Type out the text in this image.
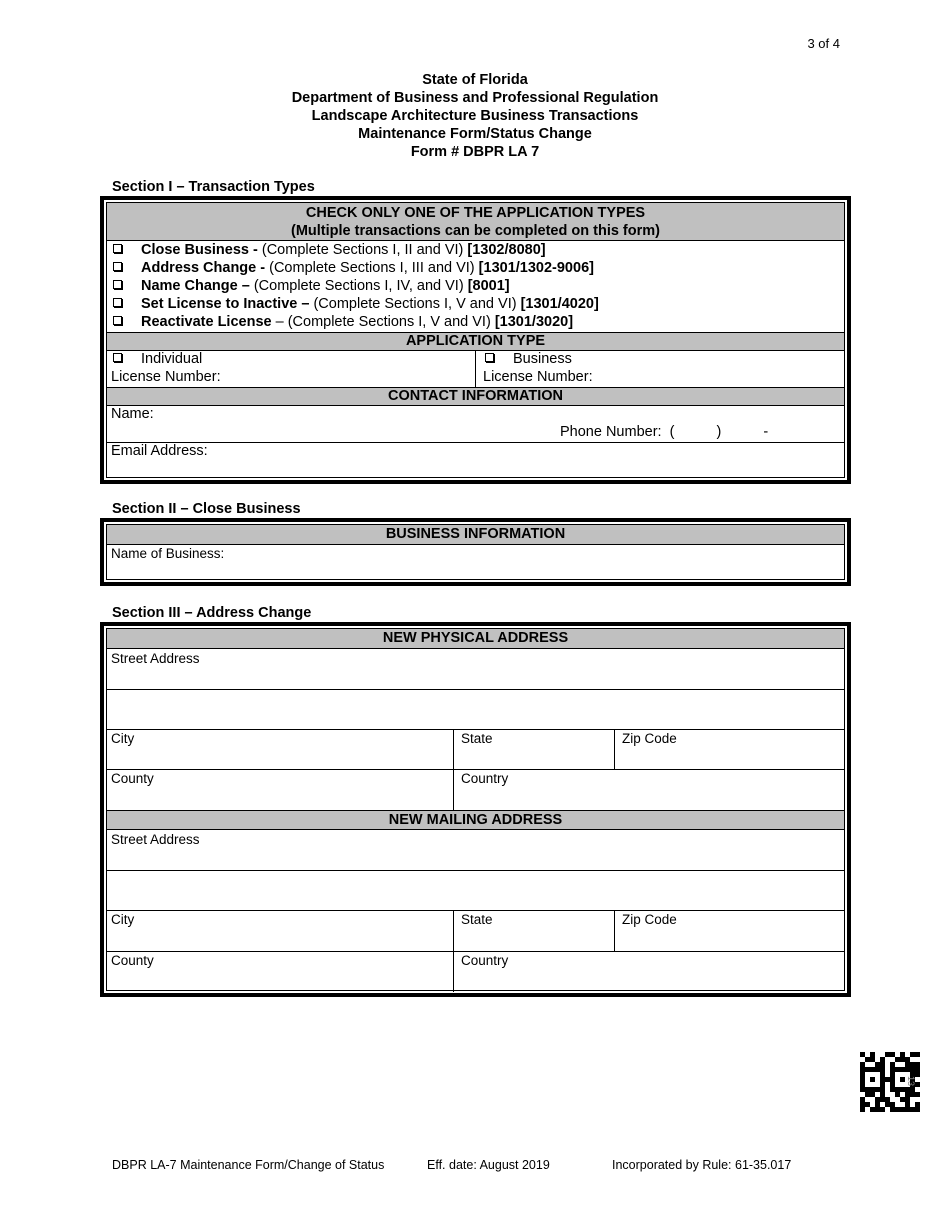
3 of 4
State of Florida
Department of Business and Professional Regulation
Landscape Architecture Business Transactions
Maintenance Form/Status Change
Form # DBPR LA 7
Section I – Transaction Types
CHECK ONLY ONE OF THE APPLICATION TYPES
(Multiple transactions can be completed on this form)
Close Business - (Complete Sections I, II and VI) [1302/8080]
Address Change - (Complete Sections I, III and VI) [1301/1302-9006]
Name Change – (Complete Sections I, IV, and VI) [8001]
Set License to Inactive – (Complete Sections I, V and VI) [1301/4020]
Reactivate License – (Complete Sections I, V and VI) [1301/3020]
APPLICATION TYPE
Individual	Business
License Number:	License Number:
CONTACT INFORMATION
Name:
Phone Number: (	)	-
Email Address:
Section II – Close Business
BUSINESS INFORMATION
Name of Business:
Section III – Address Change
NEW PHYSICAL ADDRESS
Street Address
City	State	Zip Code
County	Country
NEW MAILING ADDRESS
Street Address
City	State	Zip Code
County	Country
13
DBPR LA-7 Maintenance Form/Change of Status	Eff. date: August 2019	Incorporated by Rule: 61-35.017
